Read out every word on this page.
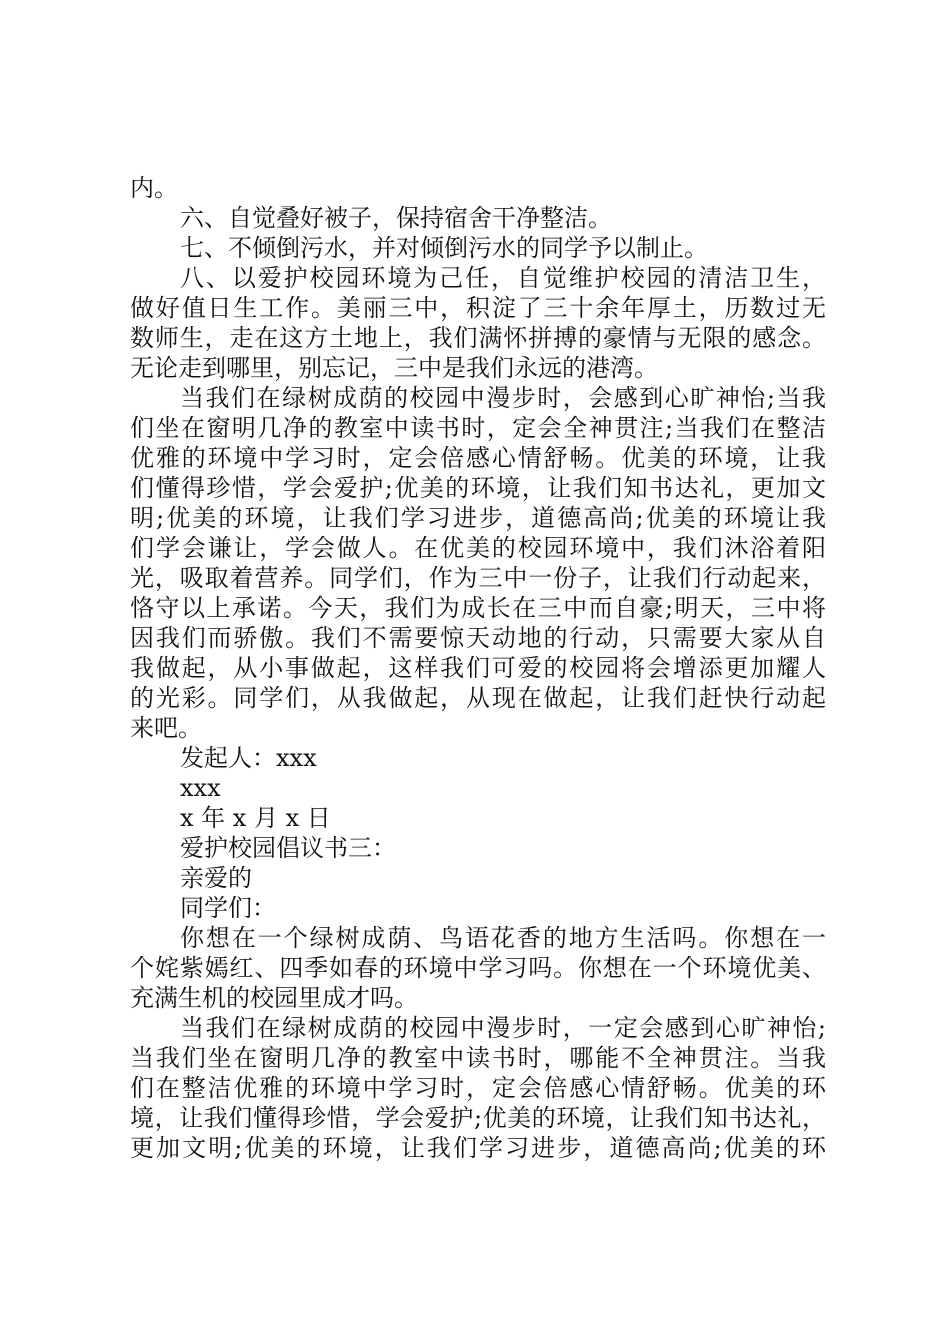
内。
六、自觉叠好被子，保持宿舍干净整洁。
七、不倾倒污水，并对倾倒污水的同学予以制止。
八、以爱护校园环境为己任，自觉维护校园的清洁卫生，
做好值日生工作。美丽三中，积淀了三十余年厚土，历数过无
数师生，走在这方土地上，我们满怀拼搏的豪情与无限的感念。
无论走到哪里，别忘记，三中是我们永远的港湾。
当我们在绿树成荫的校园中漫步时，会感到心旷神怡;当我
们坐在窗明几净的教室中读书时，定会全神贯注;当我们在整洁
优雅的环境中学习时，定会倍感心情舒畅。优美的环境，让我
们懂得珍惜，学会爱护;优美的环境，让我们知书达礼，更加文
明;优美的环境，让我们学习进步，道德高尚;优美的环境让我
们学会谦让，学会做人。在优美的校园环境中，我们沐浴着阳
光，吸取着营养。同学们，作为三中一份子，让我们行动起来，
恪守以上承诺。今天，我们为成长在三中而自豪;明天，三中将
因我们而骄傲。我们不需要惊天动地的行动，只需要大家从自
我做起，从小事做起，这样我们可爱的校园将会增添更加耀人
的光彩。同学们，从我做起，从现在做起，让我们赶快行动起
来吧。
发起人：xxx
xxx
x 年 x 月 x 日
爱护校园倡议书三：
亲爱的
同学们：
你想在一个绿树成荫、鸟语花香的地方生活吗。你想在一
个姹紫嫣红、四季如春的环境中学习吗。你想在一个环境优美、
充满生机的校园里成才吗。
当我们在绿树成荫的校园中漫步时，一定会感到心旷神怡;
当我们坐在窗明几净的教室中读书时，哪能不全神贯注。当我
们在整洁优雅的环境中学习时，定会倍感心情舒畅。优美的环
境，让我们懂得珍惜，学会爱护;优美的环境，让我们知书达礼，
更加文明;优美的环境，让我们学习进步，道德高尚;优美的环
